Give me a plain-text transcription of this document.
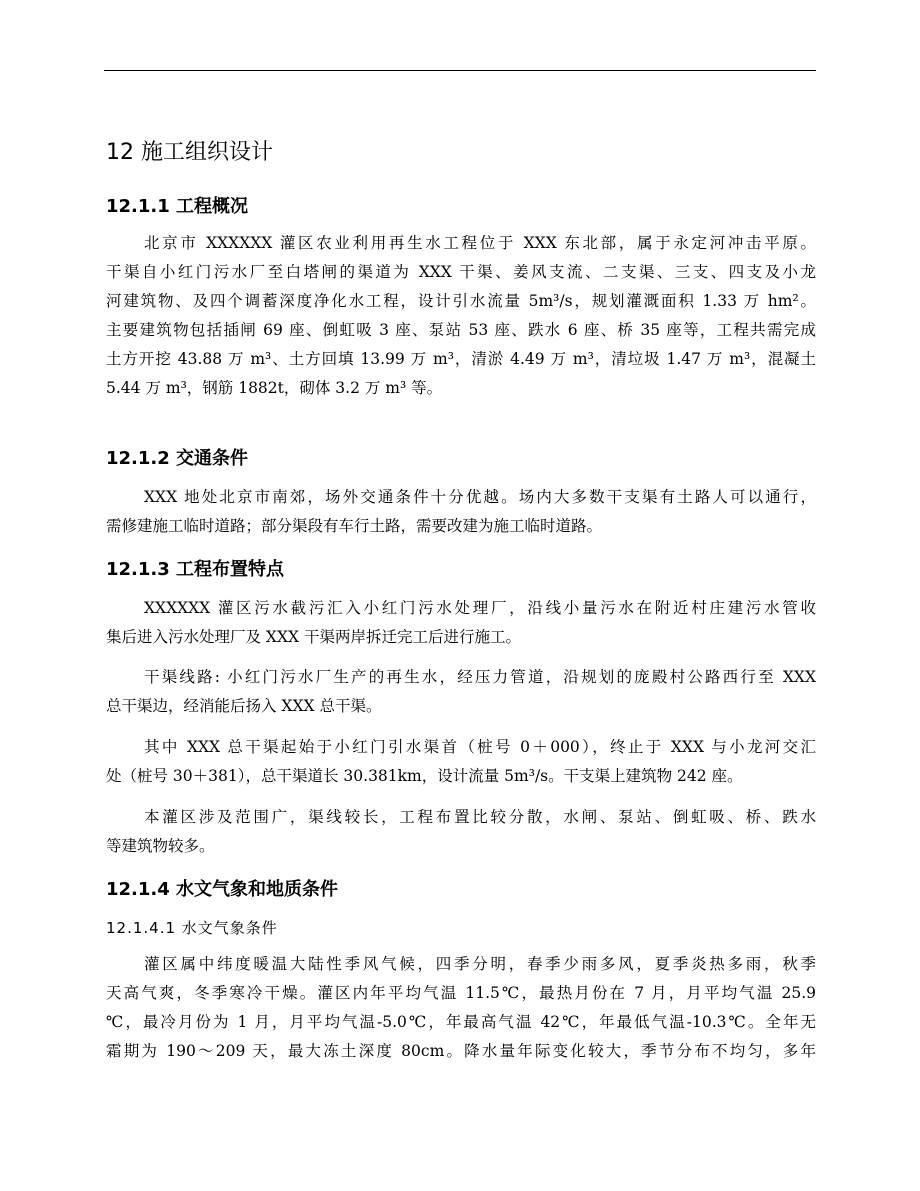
12 施工组织设计
12.1.1 工程概况
北京市 XXXXXX 灌区农业利用再生水工程位于 XXX 东北部，属于永定河冲击平原。
干渠自小红门污水厂至白塔闸的渠道为 XXX 干渠、姜风支流、二支渠、三支、四支及小龙
河建筑物、及四个调蓄深度净化水工程，设计引水流量 5m³/s，规划灌溉面积 1.33 万 hm²。
主要建筑物包括插闸 69 座、倒虹吸 3 座、泵站 53 座、跌水 6 座、桥 35 座等，工程共需完成
土方开挖 43.88 万 m³、土方回填 13.99 万 m³，清淤 4.49 万 m³，清垃圾 1.47 万 m³，混凝土
5.44 万 m³，钢筋 1882t，砌体 3.2 万 m³ 等。
12.1.2 交通条件
XXX 地处北京市南郊，场外交通条件十分优越。场内大多数干支渠有土路人可以通行，
需修建施工临时道路；部分渠段有车行土路，需要改建为施工临时道路。
12.1.3 工程布置特点
XXXXXX 灌区污水截污汇入小红门污水处理厂，沿线小量污水在附近村庄建污水管收
集后进入污水处理厂及 XXX 干渠两岸拆迁完工后进行施工。
干渠线路: 小红门污水厂生产的再生水，经压力管道，沿规划的庞殿村公路西行至 XXX
总干渠边，经消能后扬入 XXX 总干渠。
其中 XXX 总干渠起始于小红门引水渠首（桩号 0＋000），终止于 XXX 与小龙河交汇
处（桩号 30＋381），总干渠道长 30.381km，设计流量 5m³/s。干支渠上建筑物 242 座。
本灌区涉及范围广，渠线较长，工程布置比较分散，水闸、泵站、倒虹吸、桥、跌水
等建筑物较多。
12.1.4 水文气象和地质条件
12.1.4.1 水文气象条件
灌区属中纬度暖温大陆性季风气候，四季分明，春季少雨多风，夏季炎热多雨，秋季
天高气爽，冬季寒冷干燥。灌区内年平均气温 11.5℃，最热月份在 7 月，月平均气温 25.9
℃，最冷月份为 1 月，月平均气温-5.0℃，年最高气温 42℃，年最低气温-10.3℃。全年无
霜期为 190～209 天，最大冻土深度 80cm。降水量年际变化较大，季节分布不均匀，多年
